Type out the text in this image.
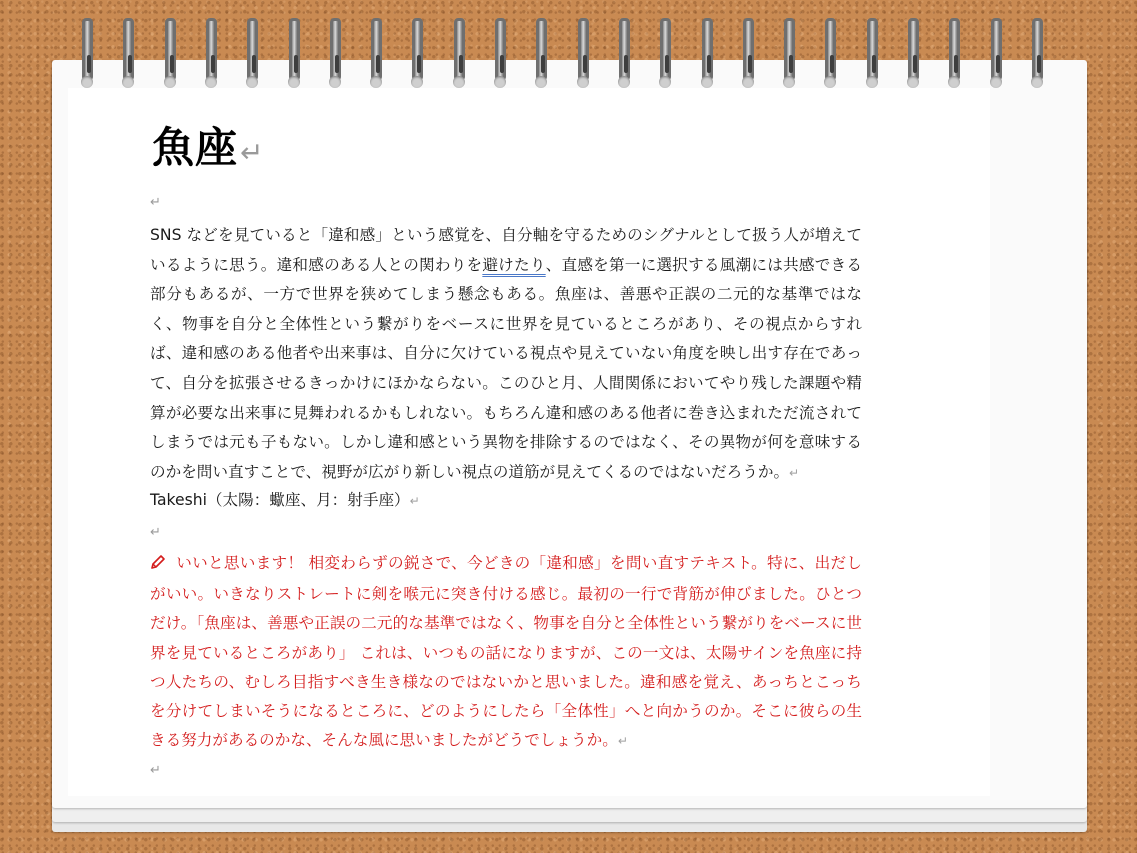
魚座↵
↵

SNS などを見ていると「違和感」という感覚を、自分軸を守るためのシグナルとして扱う人が増えているように思う。違和感のある人との関わりを避けたり、直感を第一に選択する風潮には共感できる部分もあるが、一方で世界を狭めてしまう懸念もある。魚座は、善悪や正誤の二元的な基準ではなく、物事を自分と全体性という繋がりをベースに世界を見ているところがあり、その視点からすれば、違和感のある他者や出来事は、自分に欠けている視点や見えていない角度を映し出す存在であって、自分を拡張させるきっかけにほかならない。このひと月、人間関係においてやり残した課題や精算が必要な出来事に見舞われるかもしれない。もちろん違和感のある他者に巻き込まれただ流されてしまうでは元も子もない。しかし違和感という異物を排除するのではなく、その異物が何を意味するのかを問い直すことで、視野が広がり新しい視点の道筋が見えてくるのではないだろうか。↵

Takeshi（太陽：蠍座、月：射手座）↵
↵

いいと思います！ 相変わらずの鋭さで、今どきの「違和感」を問い直すテキスト。特に、出だしがいい。いきなりストレートに剣を喉元に突き付ける感じ。最初の一行で背筋が伸びました。ひとつだけ。「魚座は、善悪や正誤の二元的な基準ではなく、物事を自分と全体性という繋がりをベースに世界を見ているところがあり」 これは、いつもの話になりますが、この一文は、太陽サインを魚座に持つ人たちの、むしろ目指すべき生き様なのではないかと思いました。違和感を覚え、あっちとこっちを分けてしまいそうになるところに、どのようにしたら「全体性」へと向かうのか。そこに彼らの生きる努力があるのかな、そんな風に思いましたがどうでしょうか。↵

↵
